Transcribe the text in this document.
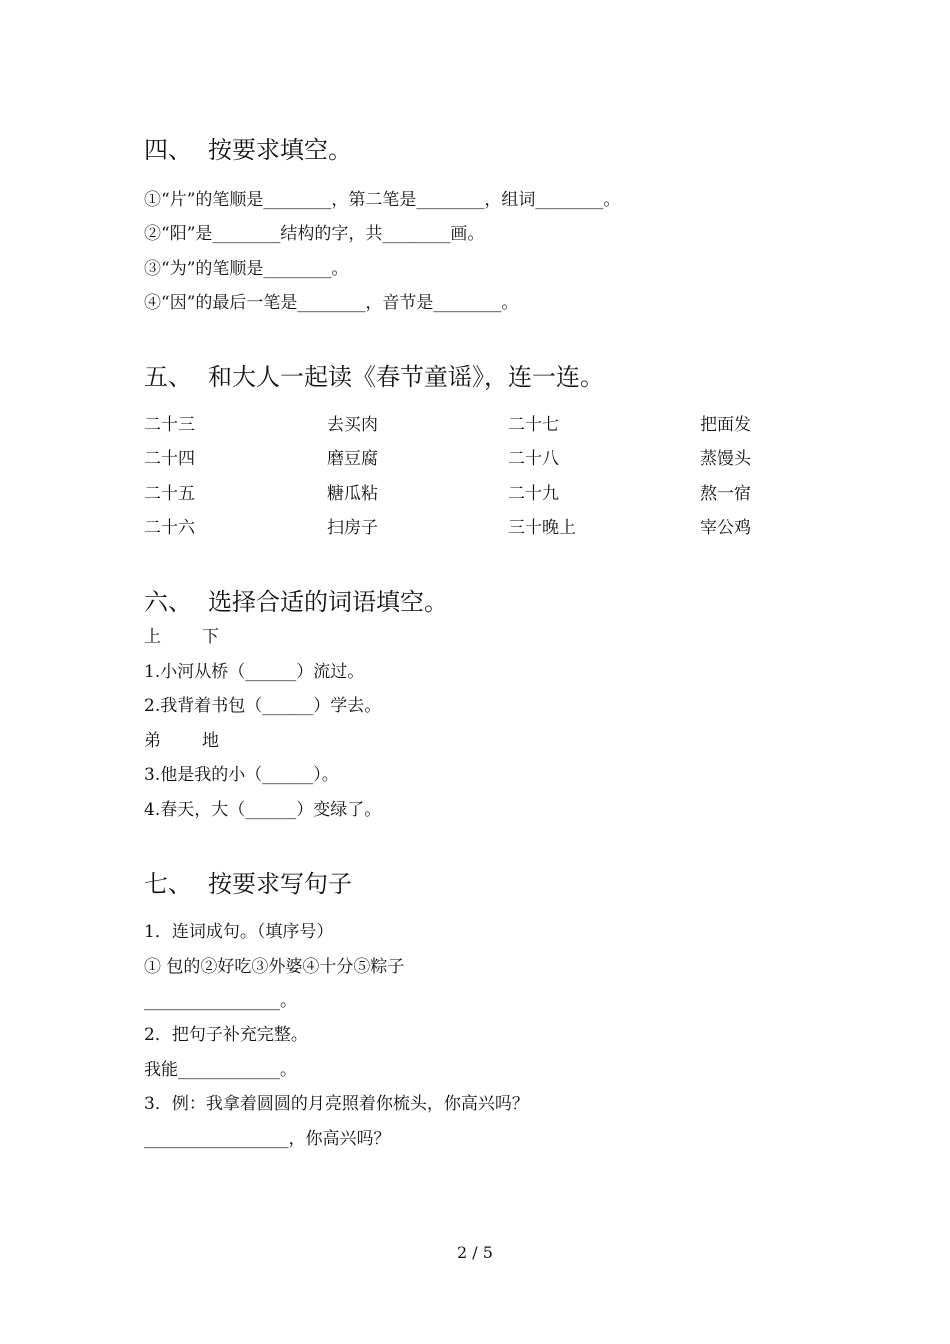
四、 按要求填空。
①“片”的笔顺是________，第二笔是________，组词________。
②“阳”是________结构的字，共________画。
③“为”的笔顺是________。
④“因”的最后一笔是________，音节是________。
五、 和大人一起读《春节童谣》，连一连。
二十三	去买肉	二十七	把面发
二十四	磨豆腐	二十八	蒸馒头
二十五	糖瓜粘	二十九	熬一宿
二十六	扫房子	三十晚上	宰公鸡
六、 选择合适的词语填空。
上 下
1.小河从桥（______）流过。
2.我背着书包（______）学去。
弟 地
3.他是我的小（______）。
4.春天，大（______）变绿了。
七、 按要求写句子
1．连词成句。（填序号）
① 包的②好吃③外婆④十分⑤粽子
________________。
2．把句子补充完整。
我能____________。
3．例：我拿着圆圆的月亮照着你梳头，你高兴吗？
_________________，你高兴吗？
2 / 5
